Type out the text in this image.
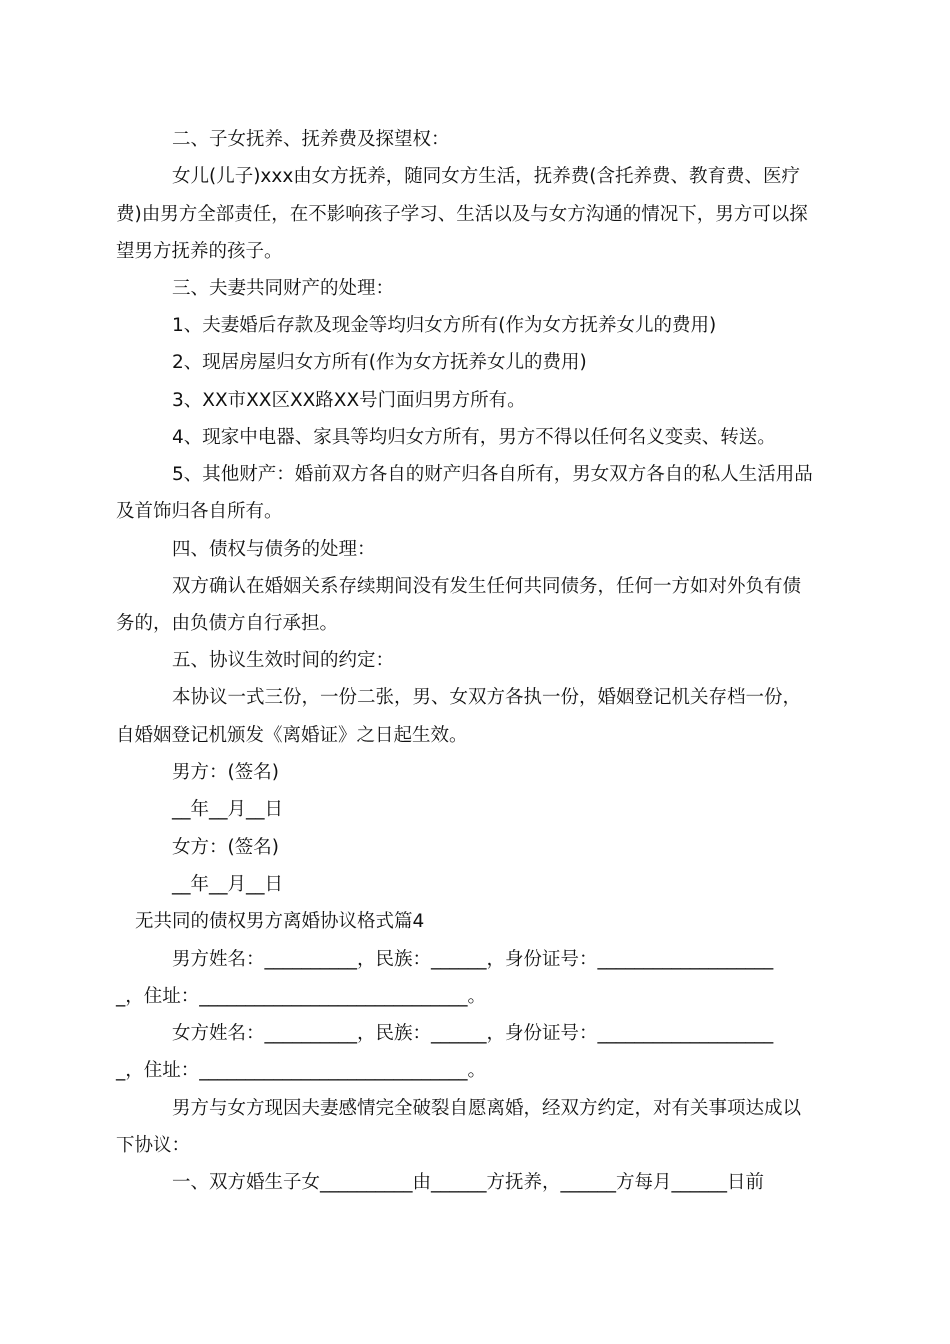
二、子女抚养、抚养费及探望权：
女儿(儿子)xxx由女方抚养，随同女方生活，抚养费(含托养费、教育费、医疗
费)由男方全部责任，在不影响孩子学习、生活以及与女方沟通的情况下，男方可以探
望男方抚养的孩子。
三、夫妻共同财产的处理：
1、夫妻婚后存款及现金等均归女方所有(作为女方抚养女儿的费用)
2、现居房屋归女方所有(作为女方抚养女儿的费用)
3、XX市XX区XX路XX号门面归男方所有。
4、现家中电器、家具等均归女方所有，男方不得以任何名义变卖、转送。
5、其他财产：婚前双方各自的财产归各自所有，男女双方各自的私人生活用品
及首饰归各自所有。
四、债权与债务的处理：
双方确认在婚姻关系存续期间没有发生任何共同债务，任何一方如对外负有债
务的，由负债方自行承担。
五、协议生效时间的约定：
本协议一式三份，一份二张，男、女双方各执一份，婚姻登记机关存档一份，
自婚姻登记机颁发《离婚证》之日起生效。
男方：(签名)
__年__月__日
女方：(签名)
__年__月__日
无共同的债权男方离婚协议格式篇4
男方姓名：__________，民族：______，身份证号：___________________
_，住址：_____________________________。
女方姓名：__________，民族：______，身份证号：___________________
_，住址：_____________________________。
男方与女方现因夫妻感情完全破裂自愿离婚，经双方约定，对有关事项达成以
下协议：
一、双方婚生子女__________由______方抚养，______方每月______日前
